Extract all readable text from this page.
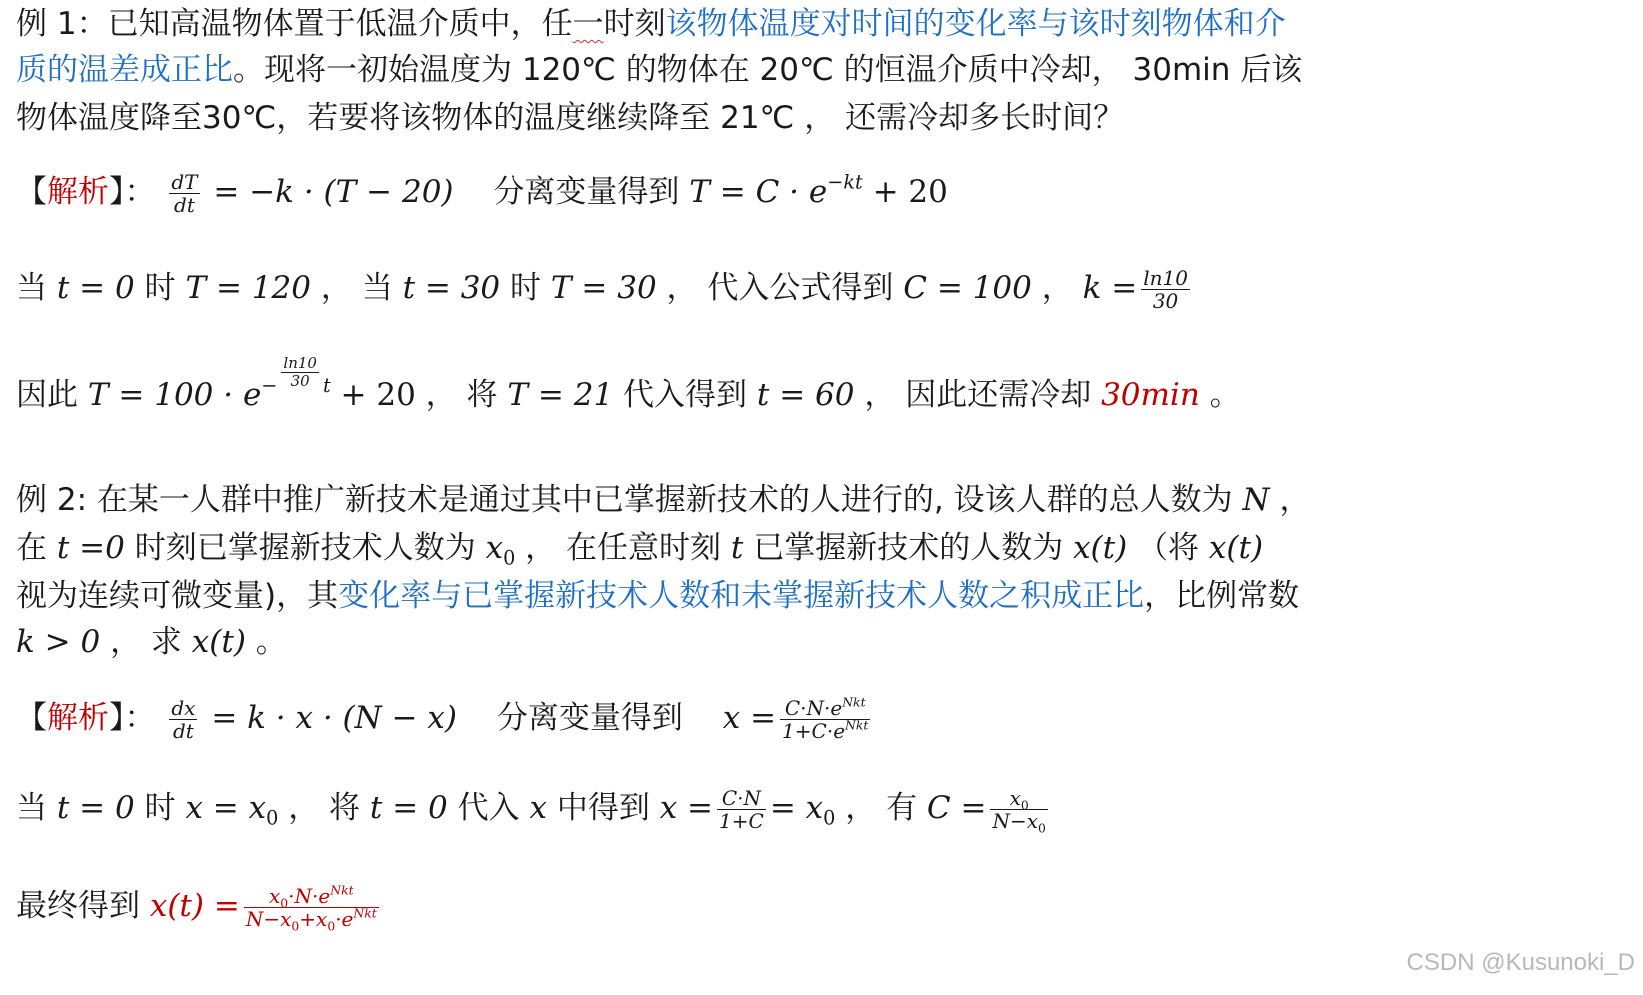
例 1：已知高温物体置于低温介质中，任一时刻该物体温度对时间的变化率与该时刻物体和介
质的温差成正比。现将一初始温度为 120℃ 的物体在 20℃ 的恒温介质中冷却， 30min 后该
物体温度降至30℃，若要将该物体的温度继续降至 21℃ ， 还需冷却多长时间？
【解析】： $\frac{dT}{dt} = -k \cdot (T - 20)$ 分离变量得到 $T = C \cdot e^{-kt} + 20$
当 t = 0 时 T = 120 ， 当 t = 30 时 T = 30 ， 代入公式得到 C = 100 ， $k = \frac{\ln 10}{30}$
因此 $T = 100 \cdot e^{- \frac{\ln 10}{30} t} + 20$ ， 将 T = 21 代入得到 t = 60 ， 因此还需冷却 30min 。
例 2: 在某一人群中推广新技术是通过其中已掌握新技术的人进行的, 设该人群的总人数为 N ，
在 t =0 时刻已掌握新技术人数为 $x_0$ ， 在任意时刻 t 已掌握新技术的人数为 x(t) （将 x(t)
视为连续可微变量)，其变化率与已掌握新技术人数和未掌握新技术人数之积成正比，比例常数
k > 0 ， 求 x(t) 。
【解析】： $\frac{dx}{dt} = k \cdot x \cdot (N - x)$ 分离变量得到 $x = \frac{C\cdot N\cdot e^{Nkt}}{1+C\cdot e^{Nkt}}$
当 t = 0 时 $x = x_0$ ， 将 t = 0 代入 x 中得到 $x = \frac{C\cdot N}{1+C} = x_0$ ， 有 $C = \frac{x_0}{N-x_0}$
最终得到 $x(t) = \frac{x_0\cdot N\cdot e^{Nkt}}{N-x_0+x_0\cdot e^{Nkt}}$
CSDN @Kusunoki_D
